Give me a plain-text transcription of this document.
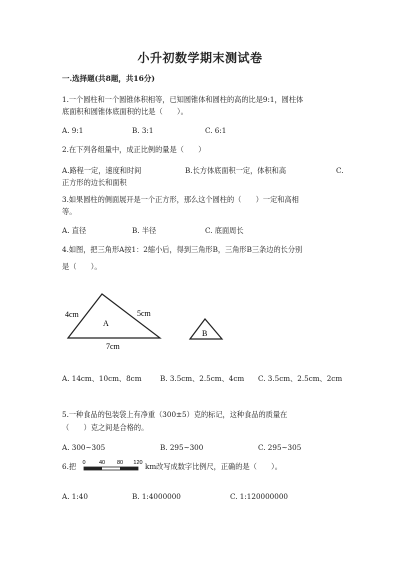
小升初数学期末测试卷
一.选择题(共8题，共16分)
1.一个圆柱和一个圆锥体积相等，已知圆锥体和圆柱的高的比是9:1，圆柱体
底面积和圆锥体底面积的比是（　　）。
A. 9:1	B. 3:1	C. 6:1
2.在下列各组量中，成正比例的量是（　　）
A.路程一定，速度和时间	B.长方体底面积一定，体积和高	C.
正方形的边长和面积
3.如果圆柱的侧面展开是一个正方形，那么这个圆柱的（　　）一定和高相
等。
A. 直径	B. 半径	C. 底面周长
4.如图，把三角形A按1：2缩小后，得到三角形B，三角形B三条边的长分别
是（　　）。
4cm	5cm
7cm
A
B
A. 14cm、10cm、8cm	B. 3.5cm、2.5cm、4cm C. 3.5cm、2.5cm、2cm
5.一种食品的包装袋上有净重（300±5）克的标记，这种食品的质量在
（　　）克之间是合格的。
A. 300~305	B. 295~300	C. 295~305
6.把 0 40 80 120 km改写成数字比例尺，正确的是（　　）。
A. 1:40	B. 1:4000000	C. 1:120000000
